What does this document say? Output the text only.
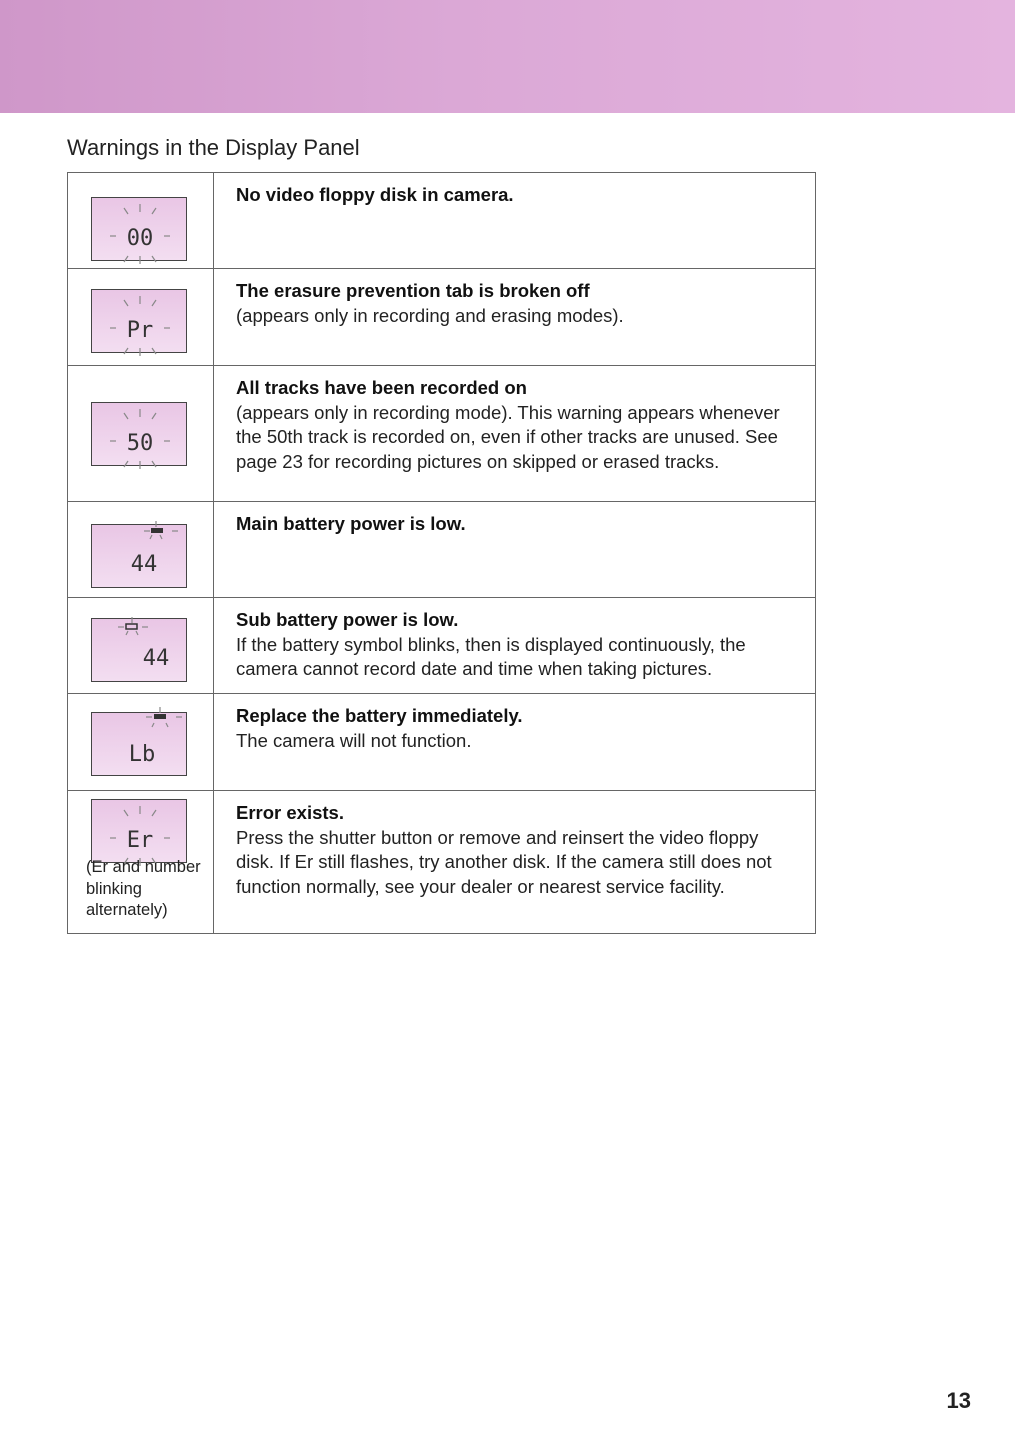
Warnings in the Display Panel
00
No video floppy disk in camera.
Pr
The erasure prevention tab is broken off
(appears only in recording and erasing modes).
50
All tracks have been recorded on
(appears only in recording mode). This warning appears whenever the 50th track is recorded on, even if other tracks are unused. See page 23 for recording pictures on skipped or erased tracks.
44
Main battery power is low.
44
Sub battery power is low.
If the battery symbol blinks, then is displayed continuously, the camera cannot record date and time when taking pictures.
Lb
Replace the battery immediately.
The camera will not function.
Er
(Er and number blinking alternately)
Error exists.
Press the shutter button or remove and reinsert the video floppy disk. If Er still flashes, try another disk. If the camera still does not function normally, see your dealer or nearest service facility.
13
